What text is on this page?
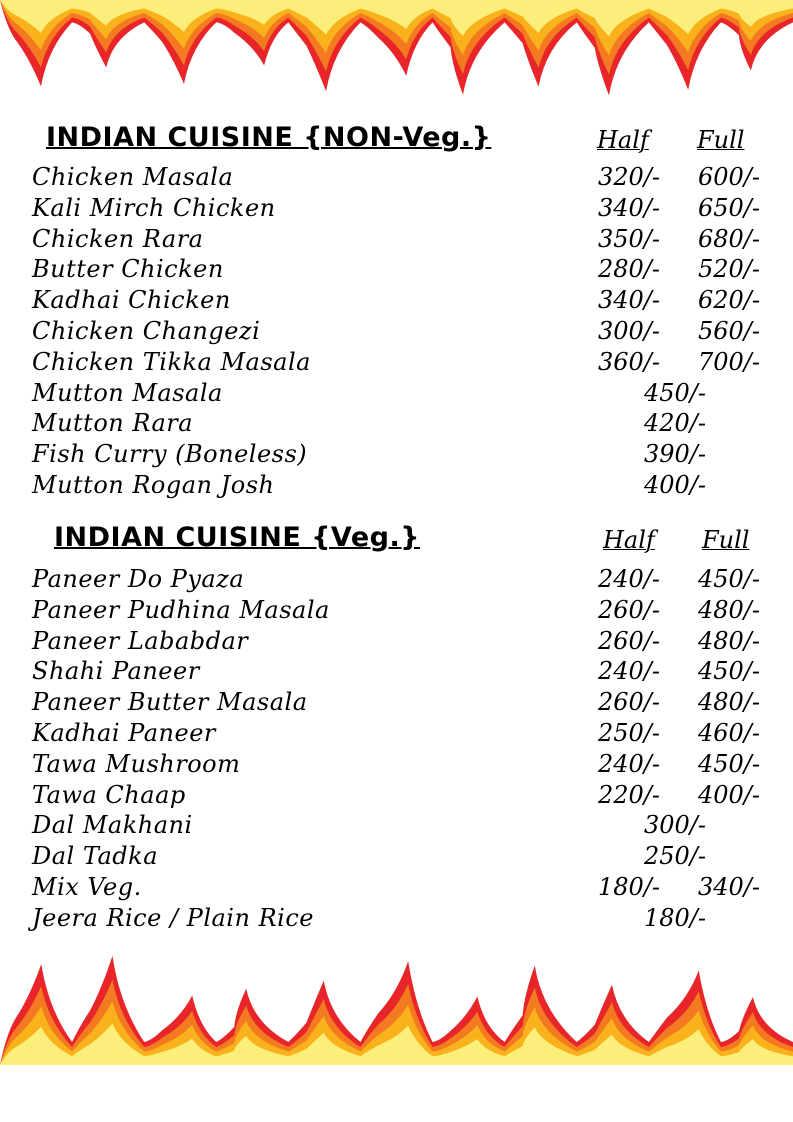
INDIAN CUISINE {NON-Veg.}	Half Full
Chicken Masala	320/- 600/-
Kali Mirch Chicken	340/- 650/-
Chicken Rara	350/- 680/-
Butter Chicken	280/- 520/-
Kadhai Chicken	340/- 620/-
Chicken Changezi	300/- 560/-
Chicken Tikka Masala	360/- 700/-
Mutton Masala	450/-
Mutton Rara	420/-
Fish Curry (Boneless)	390/-
Mutton Rogan Josh	400/-
INDIAN CUISINE {Veg.}	Half Full
Paneer Do Pyaza	240/- 450/-
Paneer Pudhina Masala	260/- 480/-
Paneer Lababdar	260/- 480/-
Shahi Paneer	240/- 450/-
Paneer Butter Masala	260/- 480/-
Kadhai Paneer	250/- 460/-
Tawa Mushroom	240/- 450/-
Tawa Chaap	220/- 400/-
Dal Makhani	300/-
Dal Tadka	250/-
Mix Veg.	180/- 340/-
Jeera Rice / Plain Rice	180/-
